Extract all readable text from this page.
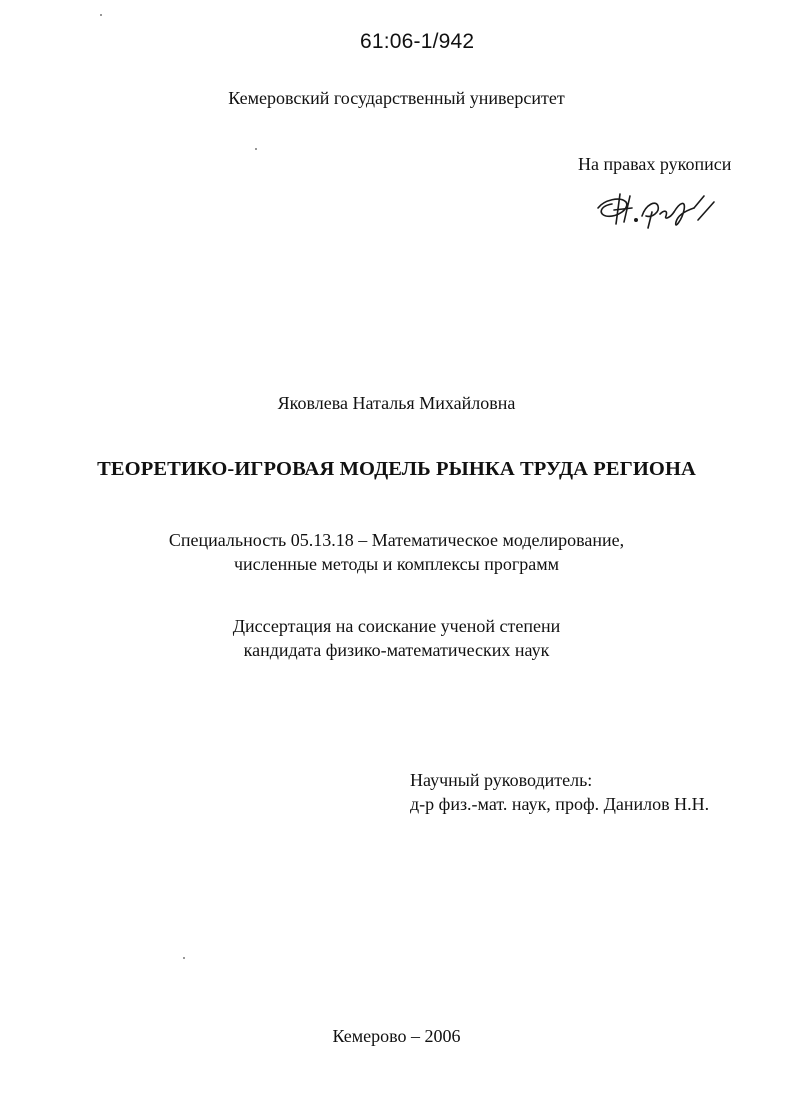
61:06-1/942
Кемеровский государственный университет
На правах рукописи
Яковлева Наталья Михайловна
ТЕОРЕТИКО-ИГРОВАЯ МОДЕЛЬ РЫНКА ТРУДА РЕГИОНА
Специальность 05.13.18 – Математическое моделирование,
численные методы и комплексы программ
Диссертация на соискание ученой степени
кандидата физико-математических наук
Научный руководитель:
д-р физ.-мат. наук, проф. Данилов Н.Н.
Кемерово – 2006
